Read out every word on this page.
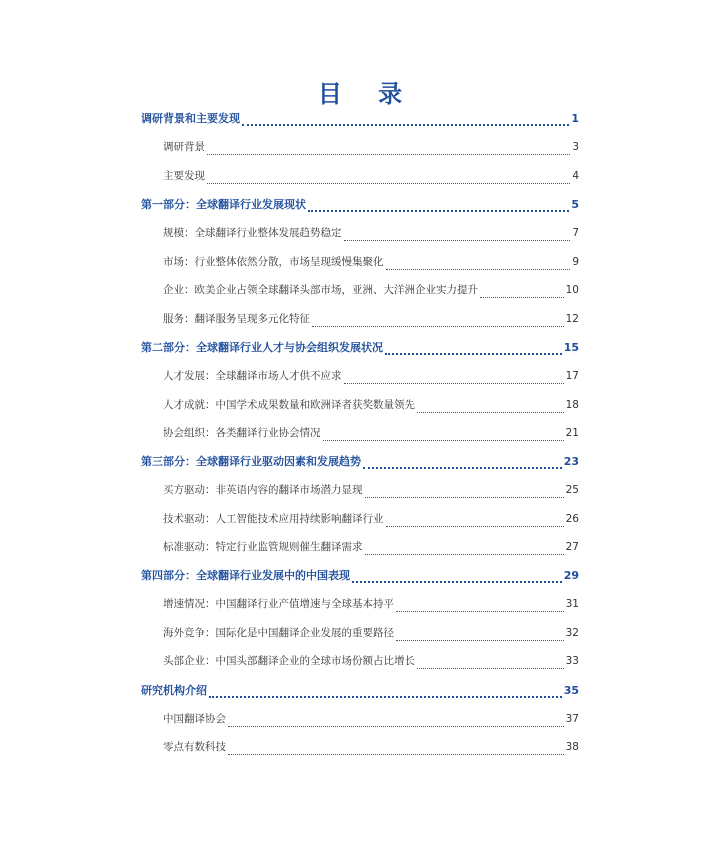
目 录
调研背景和主要发现	1
调研背景	3
主要发现	4
第一部分：全球翻译行业发展现状	5
规模：全球翻译行业整体发展趋势稳定	7
市场：行业整体依然分散，市场呈现缓慢集聚化	9
企业：欧美企业占领全球翻译头部市场，亚洲、大洋洲企业实力提升	10
服务：翻译服务呈现多元化特征	12
第二部分：全球翻译行业人才与协会组织发展状况	15
人才发展：全球翻译市场人才供不应求	17
人才成就：中国学术成果数量和欧洲译者获奖数量领先	18
协会组织：各类翻译行业协会情况	21
第三部分：全球翻译行业驱动因素和发展趋势	23
买方驱动：非英语内容的翻译市场潜力显现	25
技术驱动：人工智能技术应用持续影响翻译行业	26
标准驱动：特定行业监管规则催生翻译需求	27
第四部分：全球翻译行业发展中的中国表现	29
增速情况：中国翻译行业产值增速与全球基本持平	31
海外竞争：国际化是中国翻译企业发展的重要路径	32
头部企业：中国头部翻译企业的全球市场份额占比增长	33
研究机构介绍	35
中国翻译协会	37
零点有数科技	38
